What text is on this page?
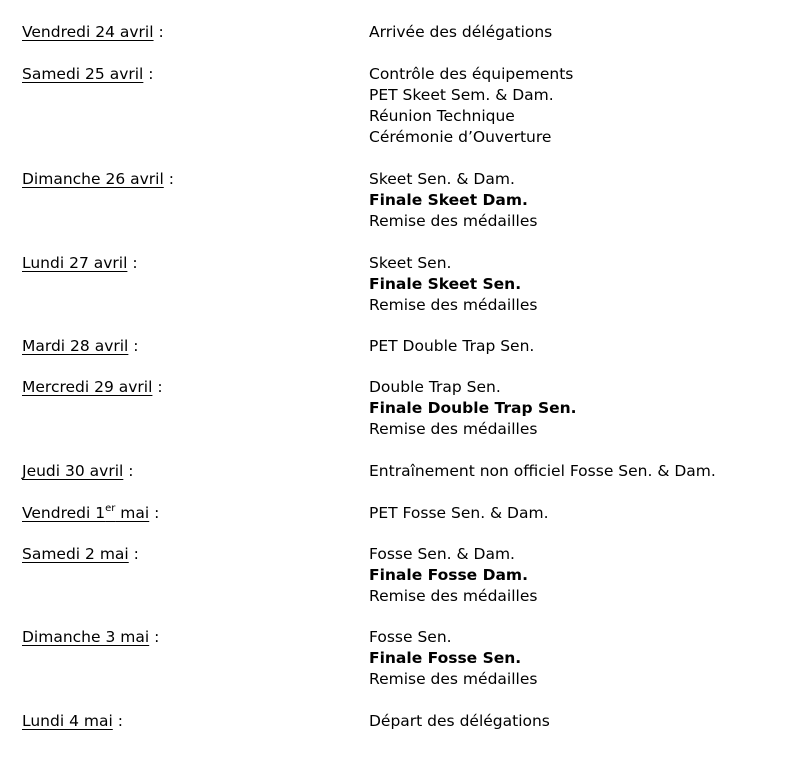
Vendredi 24 avril :	Arrivée des délégations
Samedi 25 avril :	Contrôle des équipements
PET Skeet Sem. & Dam.
Réunion Technique
Cérémonie d’Ouverture
Dimanche 26 avril :	Skeet Sen. & Dam.
Finale Skeet Dam.
Remise des médailles
Lundi 27 avril :	Skeet Sen.
Finale Skeet Sen.
Remise des médailles
Mardi 28 avril :	PET Double Trap Sen.
Mercredi 29 avril :	Double Trap Sen.
Finale Double Trap Sen.
Remise des médailles
Jeudi 30 avril :	Entraînement non officiel Fosse Sen. & Dam.
Vendredi 1er mai :	PET Fosse Sen. & Dam.
Samedi 2 mai :	Fosse Sen. & Dam.
Finale Fosse Dam.
Remise des médailles
Dimanche 3 mai :	Fosse Sen.
Finale Fosse Sen.
Remise des médailles
Lundi 4 mai :	Départ des délégations
